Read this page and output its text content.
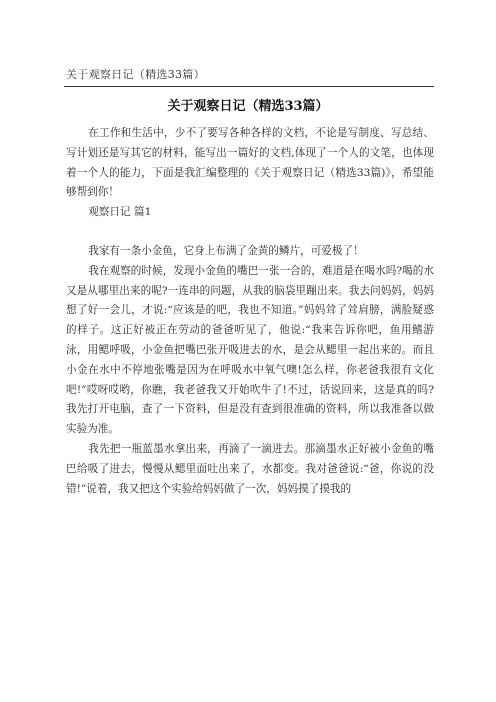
关于观察日记（精选33篇）
关于观察日记（精选33篇）

在工作和生活中，少不了要写各种各样的文档，不论是写制度、写总结、写计划还是写其它的材料，能写出一篇好的文档,体现了一个人的文笔，也体现着一个人的能力，下面是我汇编整理的《关于观察日记（精选33篇)》，希望能够帮到你！

观察日记 篇1

我家有一条小金鱼，它身上布满了金黄的鳞片，可爱极了！

我在观察的时候，发现小金鱼的嘴巴一张一合的，难道是在喝水吗?喝的水又是从哪里出来的呢?一连串的问题，从我的脑袋里蹦出来。我去问妈妈，妈妈想了好一会儿，才说:“应该是的吧，我也不知道。”妈妈耸了耸肩膀，满脸疑惑的样子。这正好被正在劳动的爸爸听见了，他说:“我来告诉你吧，鱼用鳍游泳，用鳃呼吸，小金鱼把嘴巴张开吸进去的水，是会从鳃里一起出来的。而且小金在水中不停地张嘴是因为在呼吸水中氧气噢!怎么样，你老爸我很有文化吧!”哎呀哎哟，你瞧，我老爸我又开始吹牛了!不过，话说回来，这是真的吗?我先打开电脑，查了一下资料，但是没有查到很准确的资料，所以我准备以做实验为准。

我先把一瓶蓝墨水拿出来，再滴了一滴进去。那滴墨水正好被小金鱼的嘴巴给吸了进去，慢慢从鳃里面吐出来了，水都变。我对爸爸说:“爸，你说的没错!”说着，我又把这个实验给妈妈做了一次，妈妈摸了摸我的
